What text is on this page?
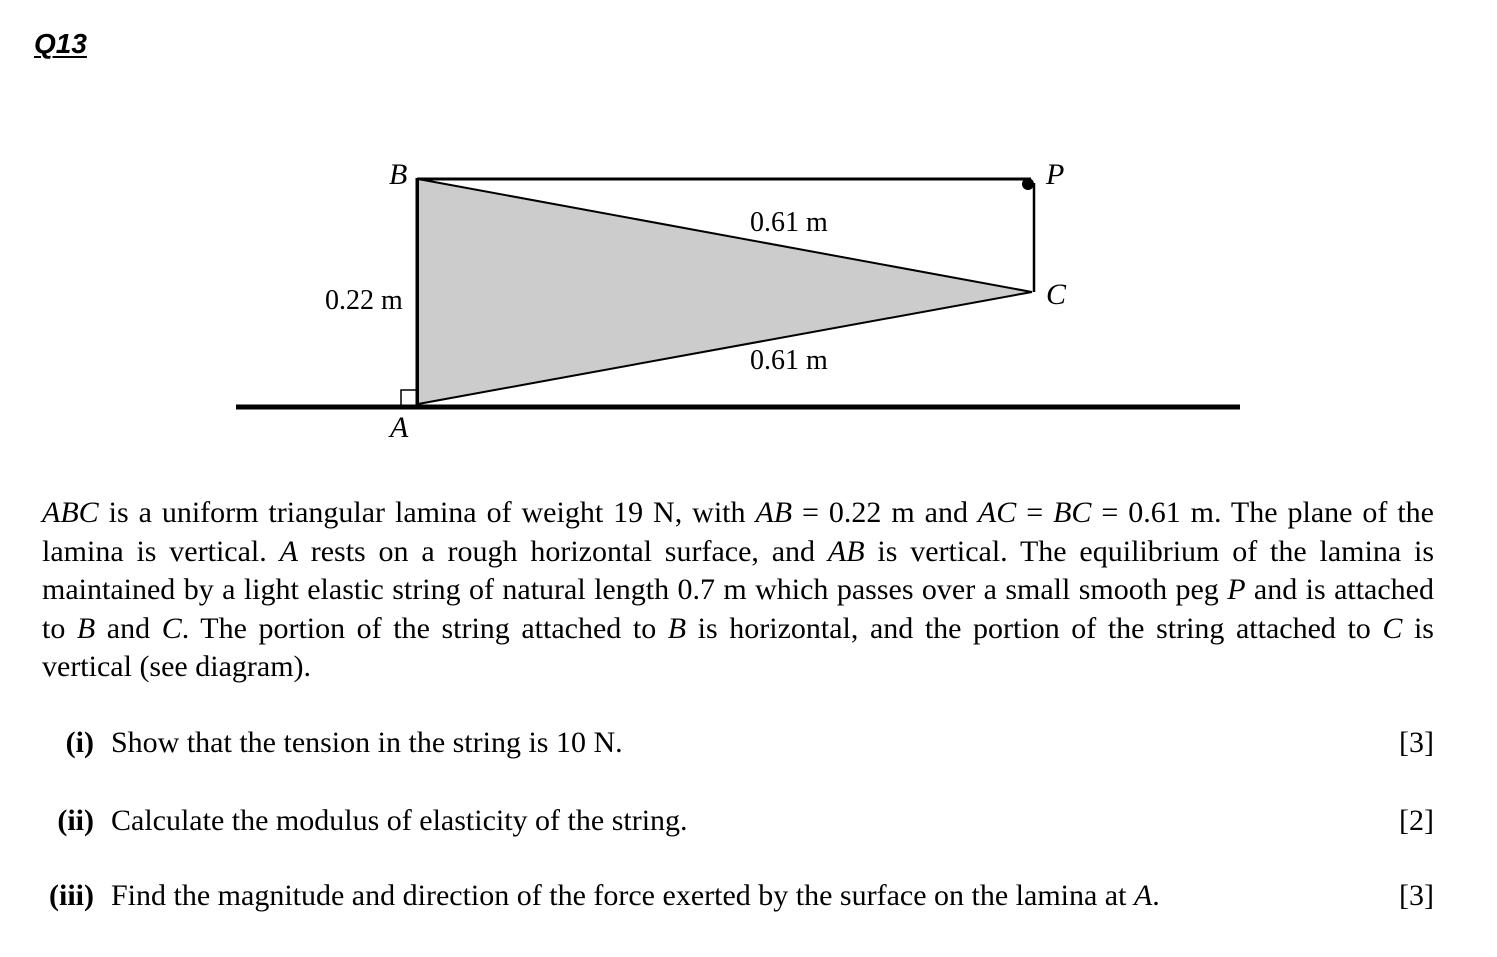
Q13
B	P
C
A
0.61 m
0.61 m
0.22 m
ABC is a uniform triangular lamina of weight 19 N, with AB = 0.22 m and AC = BC = 0.61 m. The plane of the lamina is vertical. A rests on a rough horizontal surface, and AB is vertical. The equilibrium of the lamina is maintained by a light elastic string of natural length 0.7 m which passes over a small smooth peg P and is attached to B and C. The portion of the string attached to B is horizontal, and the portion of the string attached to C is vertical (see diagram).
(i) Show that the tension in the string is 10 N.	[3]
(ii) Calculate the modulus of elasticity of the string.	[2]
(iii) Find the magnitude and direction of the force exerted by the surface on the lamina at A.	[3]
